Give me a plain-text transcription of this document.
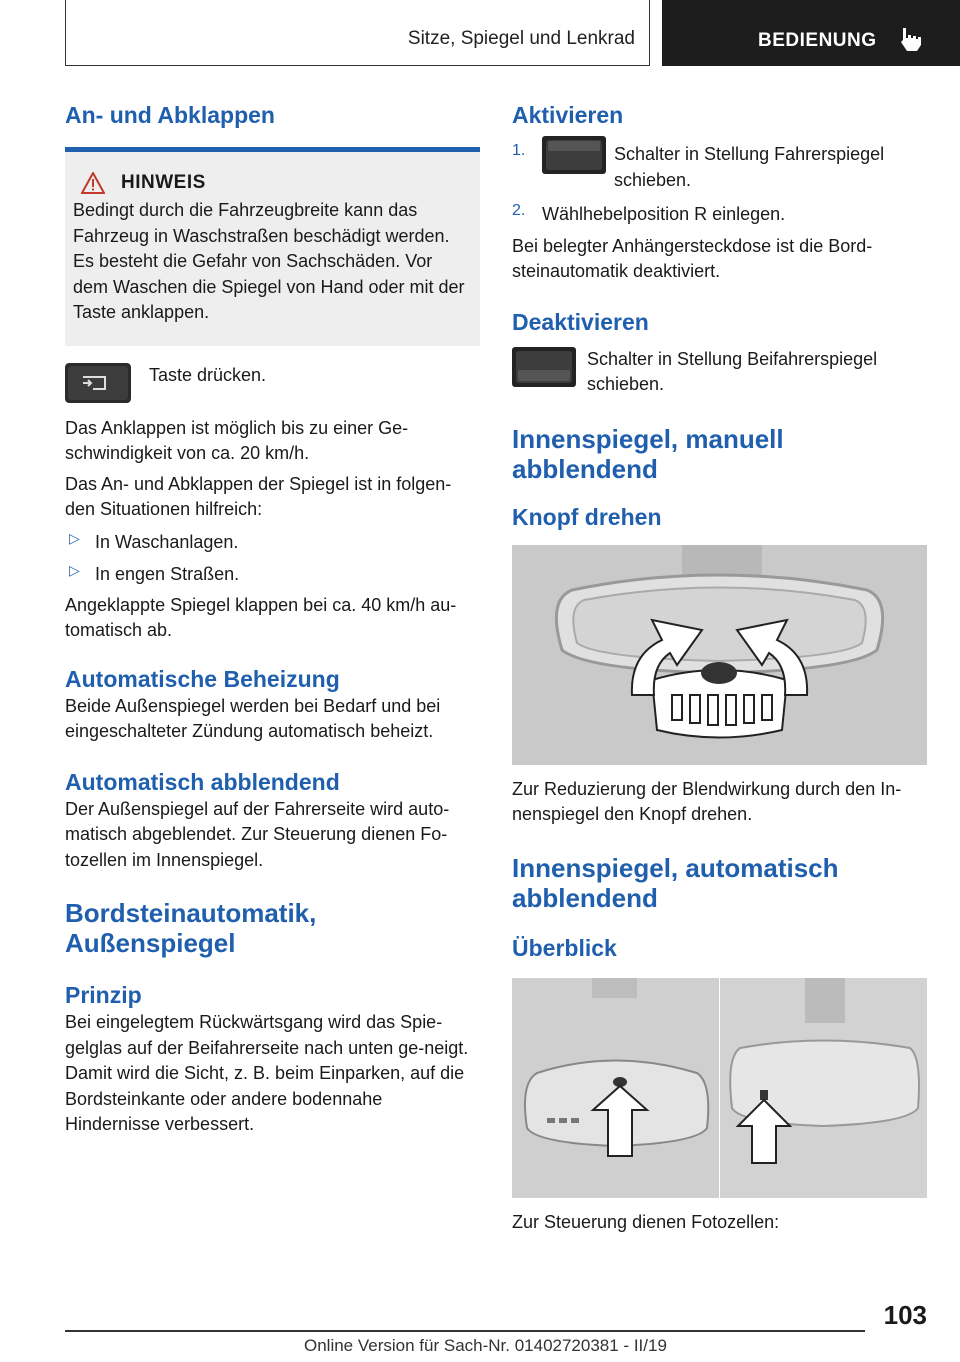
Sitze, Spiegel und Lenkrad	BEDIENUNG
An- und Abklappen
HINWEIS

Bedingt durch die Fahrzeugbreite kann das Fahrzeug in Waschstraßen beschädigt werden. Es besteht die Gefahr von Sachschäden. Vor dem Waschen die Spiegel von Hand oder mit der Taste anklappen.

Taste drücken.

Das Anklappen ist möglich bis zu einer Ge-schwindigkeit von ca. 20 km/h.

Das An- und Abklappen der Spiegel ist in folgen-den Situationen hilfreich:

▷ In Waschanlagen.

▷ In engen Straßen.

Angeklappte Spiegel klappen bei ca. 40 km/h au-tomatisch ab.

Automatische Beheizung

Beide Außenspiegel werden bei Bedarf und bei eingeschalteter Zündung automatisch beheizt.

Automatisch abblendend

Der Außenspiegel auf der Fahrerseite wird auto-matisch abgeblendet. Zur Steuerung dienen Fo-tozellen im Innenspiegel.

Bordsteinautomatik, Außenspiegel
Prinzip

Bei eingelegtem Rückwärtsgang wird das Spie-gelglas auf der Beifahrerseite nach unten ge-neigt. Damit wird die Sicht, z. B. beim Einparken, auf die Bordsteinkante oder andere bodennahe Hindernisse verbessert.

Aktivieren
1.	Schalter in Stellung Fahrerspiegel schieben.

2. Wählhebelposition R einlegen.

Bei belegter Anhängersteckdose ist die Bord-steinautomatik deaktiviert.

Deaktivieren

Schalter in Stellung Beifahrerspiegel schieben.

Innenspiegel, manuell abblendend
Knopf drehen

Zur Reduzierung der Blendwirkung durch den In-nenspiegel den Knopf drehen.

Innenspiegel, automatisch abblendend
Überblick

Zur Steuerung dienen Fotozellen:

103
Online Version für Sach-Nr. 01402720381 - II/19
